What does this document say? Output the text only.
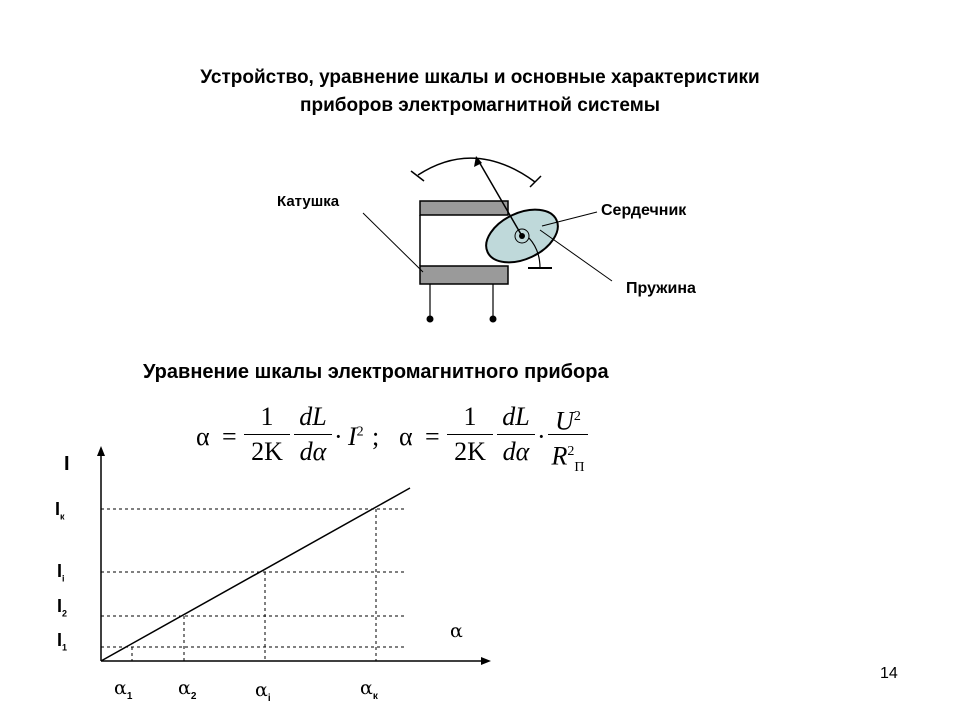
Устройство, уравнение шкалы и основные характеристики
приборов электромагнитной системы
Катушка
Сердечник
Пружина
Уравнение шкалы электромагнитного прибора
α =
1
2K
dL
dα
· $I^2$ ; α =
1
2K
dL
dα
·
$U^2$
$R^2_П$
I
$I_к$
$I_i$
$I_2$
$I_1$
α
$\alpha_1$ $\alpha_2$	$\alpha_i$	$\alpha_к$
14
